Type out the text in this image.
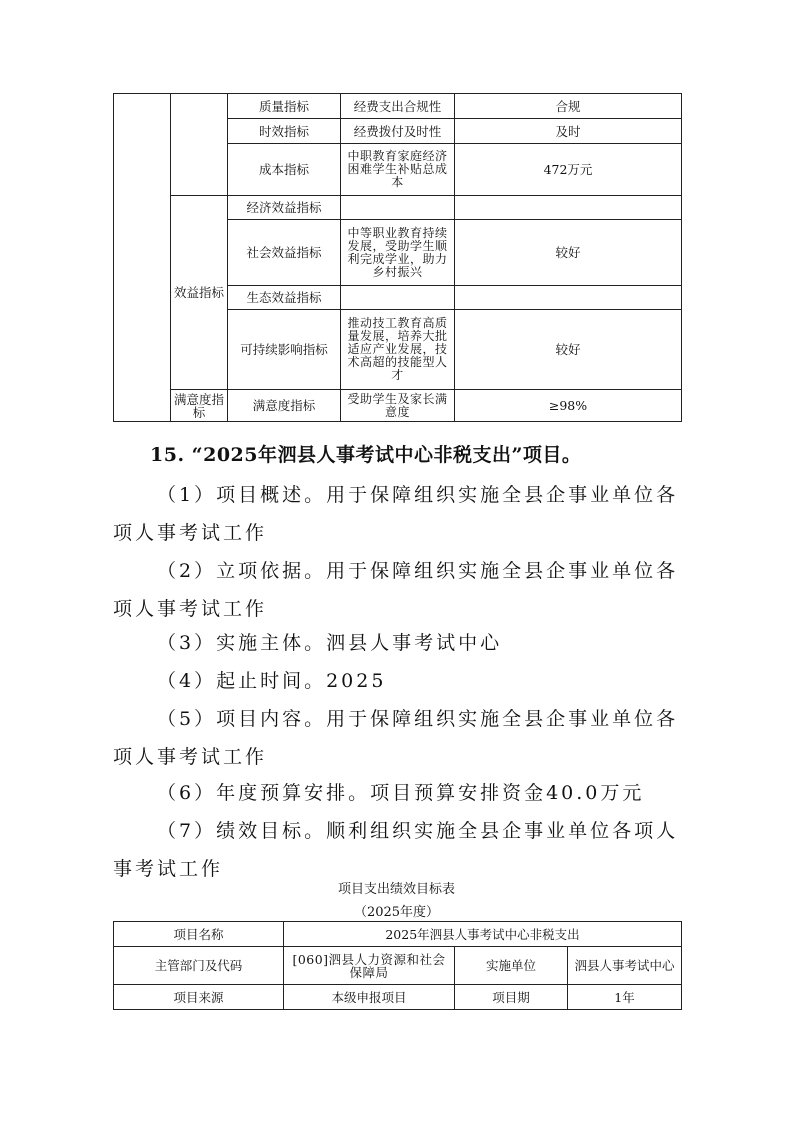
		质量指标	经费支出合规性	合规
		时效指标	经费拨付及时性	及时
		成本指标	中职教育家庭经济困难学生补贴总成本	472万元
	效益指标	经济效益指标		
		社会效益指标	中等职业教育持续发展，受助学生顺利完成学业，助力乡村振兴	较好
		生态效益指标		
		可持续影响指标	推动技工教育高质量发展，培养大批适应产业发展，技术高超的技能型人才	较好
	满意度指标	满意度指标	受助学生及家长满意度	≥98%
15. “2025年泗县人事考试中心非税支出”项目。

（1）项目概述。用于保障组织实施全县企事业单位各项人事考试工作

（2）立项依据。用于保障组织实施全县企事业单位各项人事考试工作

（3）实施主体。泗县人事考试中心

（4）起止时间。2025

（5）项目内容。用于保障组织实施全县企事业单位各项人事考试工作

（6）年度预算安排。项目预算安排资金40.0万元

（7）绩效目标。顺利组织实施全县企事业单位各项人事考试工作

项目支出绩效目标表
（2025年度）
项目名称	2025年泗县人事考试中心非税支出		
主管部门及代码	[060]泗县人力资源和社会保障局	实施单位	泗县人事考试中心
项目来源	本级申报项目	项目期	1年
